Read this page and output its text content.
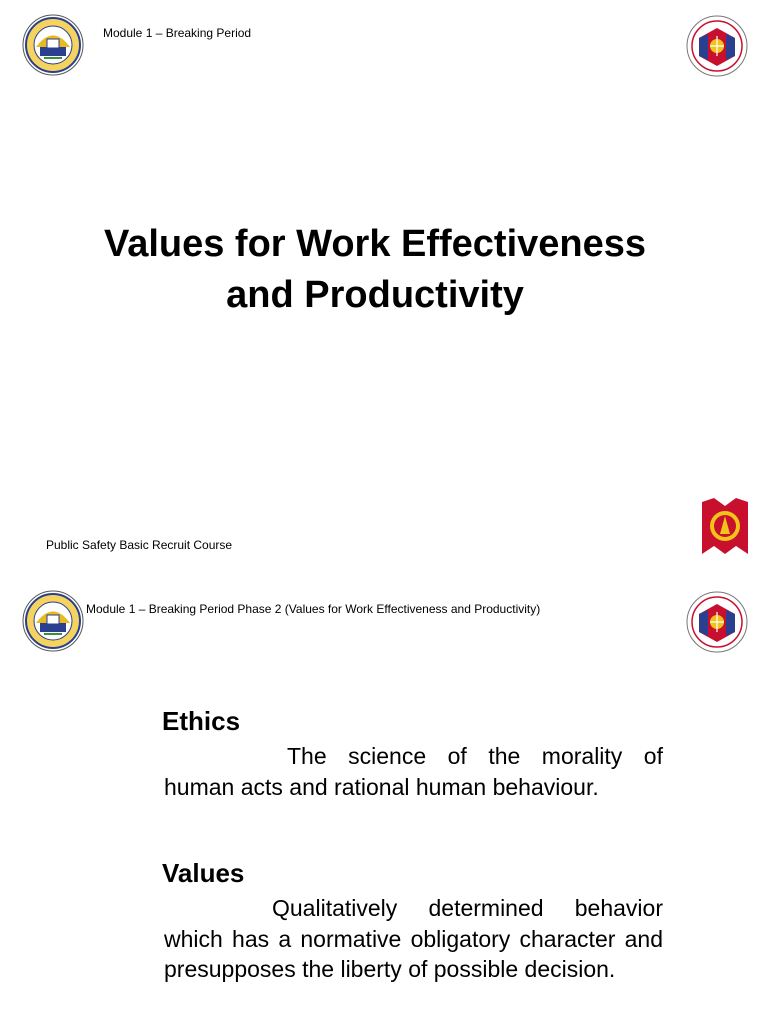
Module 1 – Breaking Period
Values for Work Effectiveness
and Productivity
Public Safety Basic Recruit Course
Module 1 – Breaking Period Phase 2 (Values for Work Effectiveness and Productivity)
Ethics
The science of the morality of human acts and rational human behaviour.
Values
Qualitatively determined behavior which has a normative obligatory character and presupposes the liberty of possible decision.
